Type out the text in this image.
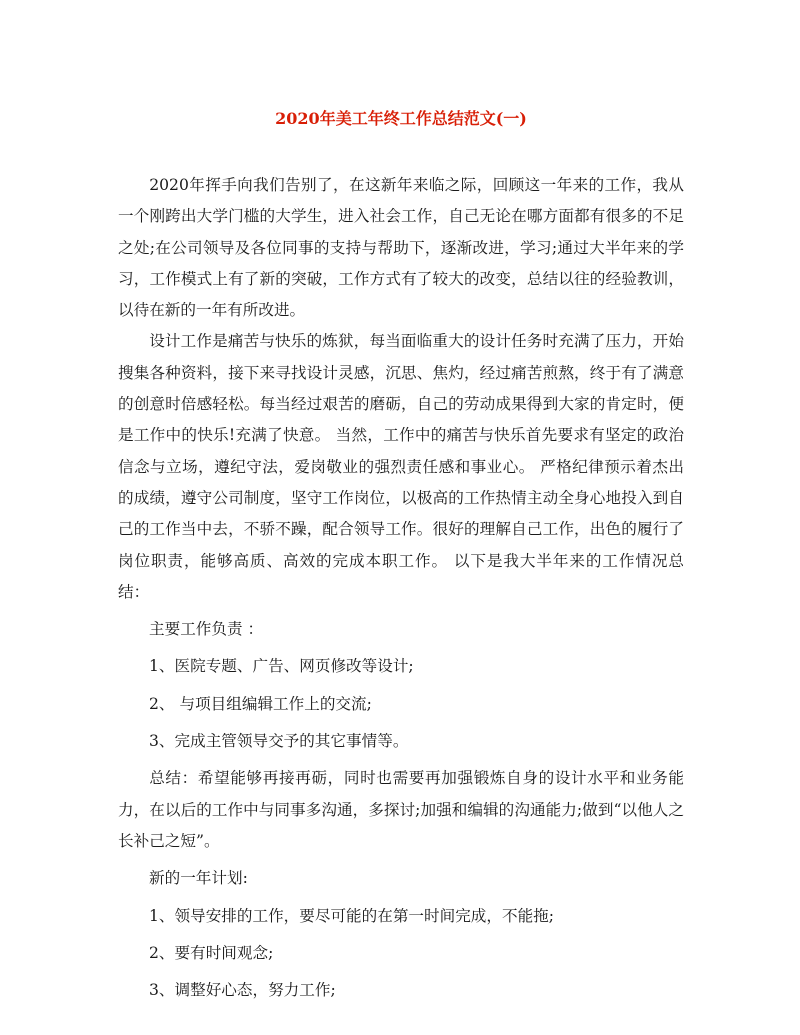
2020年美工年终工作总结范文(一)

2020年挥手向我们告别了，在这新年来临之际，回顾这一年来的工作，我从一个刚跨出大学门槛的大学生，进入社会工作，自己无论在哪方面都有很多的不足之处;在公司领导及各位同事的支持与帮助下，逐渐改进，学习;通过大半年来的学习，工作模式上有了新的突破，工作方式有了较大的改变，总结以往的经验教训，以待在新的一年有所改进。

设计工作是痛苦与快乐的炼狱，每当面临重大的设计任务时充满了压力，开始搜集各种资料，接下来寻找设计灵感，沉思、焦灼，经过痛苦煎熬，终于有了满意的创意时倍感轻松。每当经过艰苦的磨砺，自己的劳动成果得到大家的肯定时，便是工作中的快乐!充满了快意。 当然，工作中的痛苦与快乐首先要求有坚定的政治信念与立场，遵纪守法，爱岗敬业的强烈责任感和事业心。 严格纪律预示着杰出的成绩，遵守公司制度，坚守工作岗位，以极高的工作热情主动全身心地投入到自己的工作当中去，不骄不躁，配合领导工作。很好的理解自己工作，出色的履行了岗位职责，能够高质、高效的完成本职工作。 以下是我大半年来的工作情况总结：

主要工作负责 ：
1、医院专题、广告、网页修改等设计;
2、 与项目组编辑工作上的交流;
3、完成主管领导交予的其它事情等。

总结：希望能够再接再砺，同时也需要再加强锻炼自身的设计水平和业务能力，在以后的工作中与同事多沟通，多探讨;加强和编辑的沟通能力;做到“以他人之长补己之短”。

新的一年计划:
1、领导安排的工作，要尽可能的在第一时间完成，不能拖;
2、要有时间观念;
3、调整好心态，努力工作;
